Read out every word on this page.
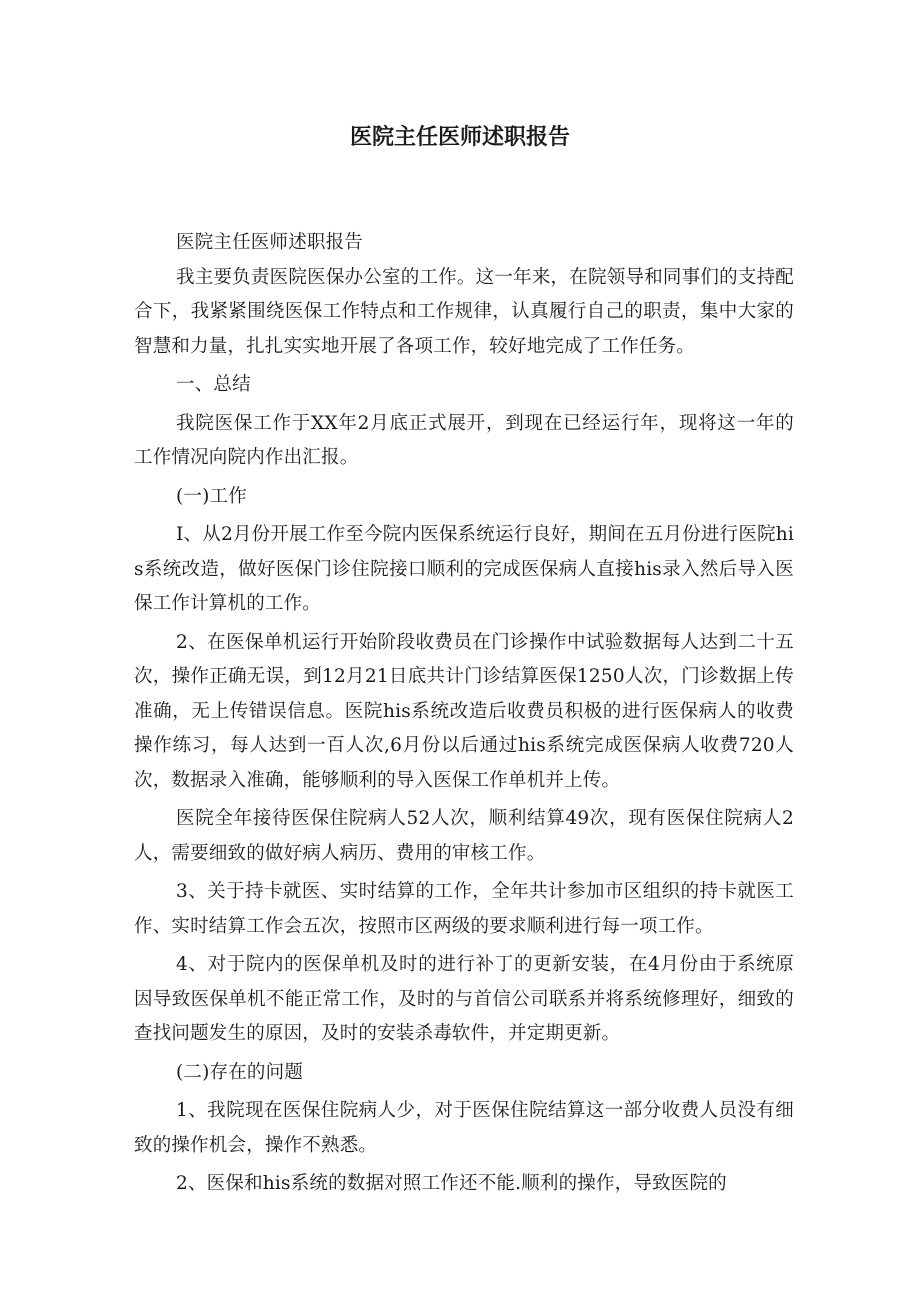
医院主任医师述职报告

医院主任医师述职报告

我主要负责医院医保办公室的工作。这一年来，在院领导和同事们的支持配合下，我紧紧围绕医保工作特点和工作规律，认真履行自己的职责，集中大家的智慧和力量，扎扎实实地开展了各项工作，较好地完成了工作任务。

一、总结

我院医保工作于XX年2月底正式展开，到现在已经运行年，现将这一年的工作情况向院内作出汇报。

(一)工作

I、从2月份开展工作至今院内医保系统运行良好，期间在五月份进行医院his系统改造，做好医保门诊住院接口顺利的完成医保病人直接his录入然后导入医保工作计算机的工作。

2、在医保单机运行开始阶段收费员在门诊操作中试验数据每人达到二十五次，操作正确无误，到12月21日底共计门诊结算医保1250人次，门诊数据上传准确，无上传错误信息。医院his系统改造后收费员积极的进行医保病人的收费操作练习，每人达到一百人次,6月份以后通过his系统完成医保病人收费720人次，数据录入准确，能够顺利的导入医保工作单机并上传。

医院全年接待医保住院病人52人次，顺利结算49次，现有医保住院病人2人，需要细致的做好病人病历、费用的审核工作。

3、关于持卡就医、实时结算的工作，全年共计参加市区组织的持卡就医工作、实时结算工作会五次，按照市区两级的要求顺利进行每一项工作。

4、对于院内的医保单机及时的进行补丁的更新安装，在4月份由于系统原因导致医保单机不能正常工作，及时的与首信公司联系并将系统修理好，细致的查找问题发生的原因，及时的安装杀毒软件，并定期更新。

(二)存在的问题

1、我院现在医保住院病人少，对于医保住院结算这一部分收费人员没有细致的操作机会，操作不熟悉。

2、医保和his系统的数据对照工作还不能.顺利的操作，导致医院的
